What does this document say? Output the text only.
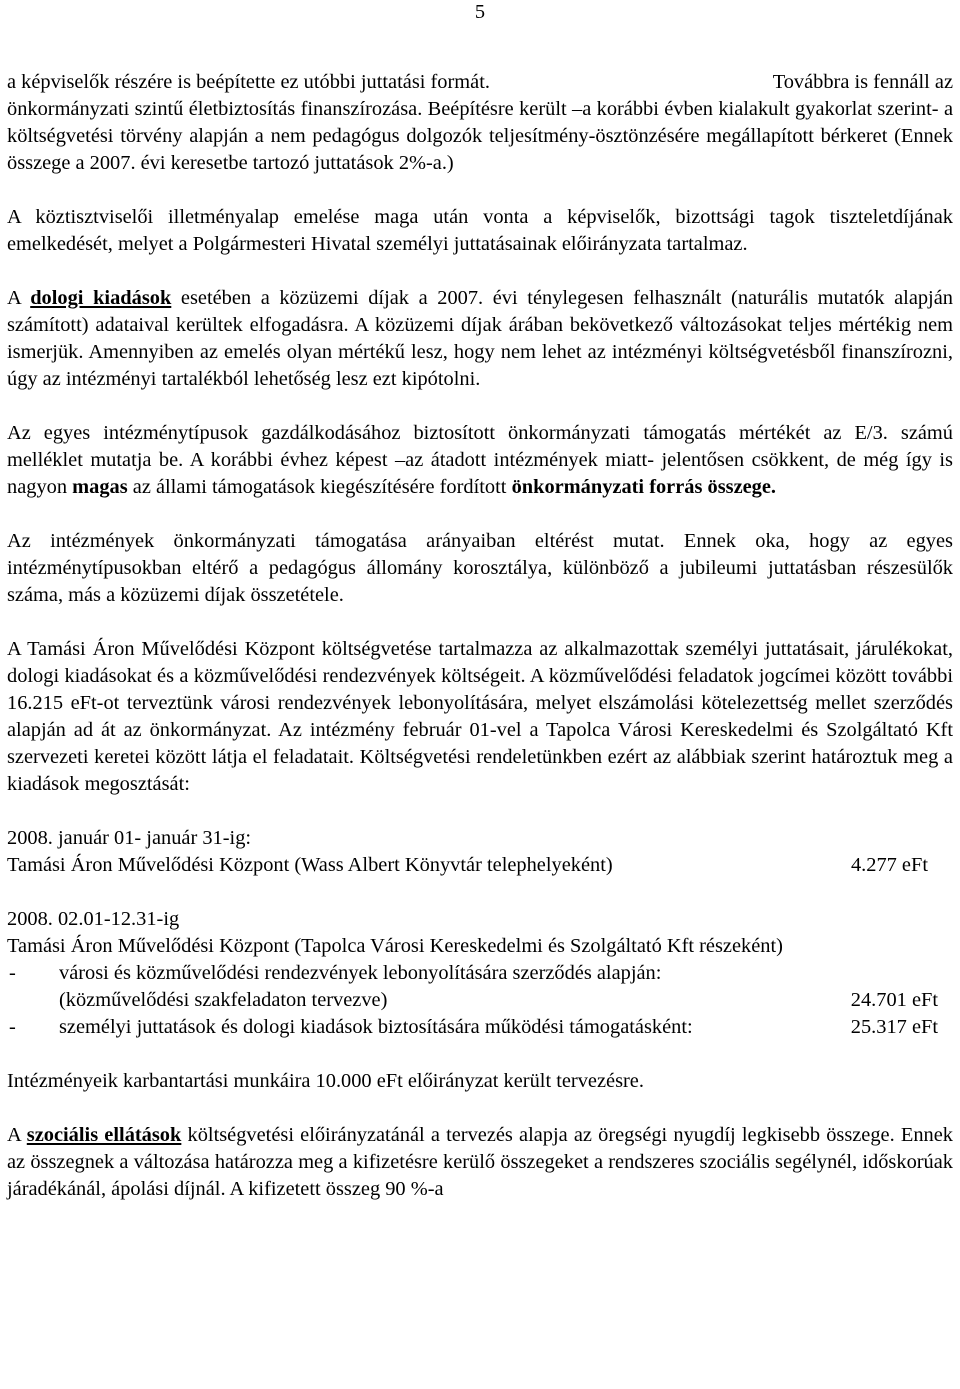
5
a képviselők részére is beépítette ez utóbbi juttatási formát.	Továbbra is fennáll az

önkormányzati szintű életbiztosítás finanszírozása. Beépítésre került –a korábbi évben kialakult gyakorlat szerint- a költségvetési törvény alapján a nem pedagógus dolgozók teljesítmény-ösztönzésére megállapított bérkeret (Ennek összege a 2007. évi keresetbe tartozó juttatások 2%-a.)

A köztisztviselői illetményalap emelése maga után vonta a képviselők, bizottsági tagok tiszteletdíjának emelkedését, melyet a Polgármesteri Hivatal személyi juttatásainak előirányzata tartalmaz.

A dologi kiadások esetében a közüzemi díjak a 2007. évi ténylegesen felhasznált (naturális mutatók alapján számított) adataival kerültek elfogadásra. A közüzemi díjak árában bekövetkező változásokat teljes mértékig nem ismerjük. Amennyiben az emelés olyan mértékű lesz, hogy nem lehet az intézményi költségvetésből finanszírozni, úgy az intézményi tartalékból lehetőség lesz ezt kipótolni.

Az egyes intézménytípusok gazdálkodásához biztosított önkormányzati támogatás mértékét az E/3. számú melléklet mutatja be. A korábbi évhez képest –az átadott intézmények miatt- jelentősen csökkent, de még így is nagyon magas az állami támogatások kiegészítésére fordított önkormányzati forrás összege.

Az intézmények önkormányzati támogatása arányaiban eltérést mutat. Ennek oka, hogy az egyes intézménytípusokban eltérő a pedagógus állomány korosztálya, különböző a jubileumi juttatásban részesülők száma, más a közüzemi díjak összetétele.

A Tamási Áron Művelődési Központ költségvetése tartalmazza az alkalmazottak személyi juttatásait, járulékokat, dologi kiadásokat és a közművelődési rendezvények költségeit. A közművelődési feladatok jogcímei között további 16.215 eFt-ot terveztünk városi rendezvények lebonyolítására, melyet elszámolási kötelezettség mellet szerződés alapján ad át az önkormányzat. Az intézmény február 01-vel a Tapolca Városi Kereskedelmi és Szolgáltató Kft szervezeti keretei között látja el feladatait. Költségvetési rendeletünkben ezért az alábbiak szerint határoztuk meg a kiadások megosztását:

2008. január 01- január 31-ig:
Tamási Áron Művelődési Központ (Wass Albert Könyvtár telephelyeként)	4.277 eFt
2008. 02.01-12.31-ig
Tamási Áron Művelődési Központ (Tapolca Városi Kereskedelmi és Szolgáltató Kft részeként)
-	városi és közművelődési rendezvények lebonyolítására szerződés alapján:
(közművelődési szakfeladaton tervezve)	24.701 eFt
-	személyi juttatások és dologi kiadások biztosítására működési támogatásként:	25.317 eFt

Intézményeik karbantartási munkáira 10.000 eFt előirányzat került tervezésre.

A szociális ellátások költségvetési előirányzatánál a tervezés alapja az öregségi nyugdíj legkisebb összege. Ennek az összegnek a változása határozza meg a kifizetésre kerülő összegeket a rendszeres szociális segélynél, időskorúak járadékánál, ápolási díjnál. A kifizetett összeg 90 %-a
